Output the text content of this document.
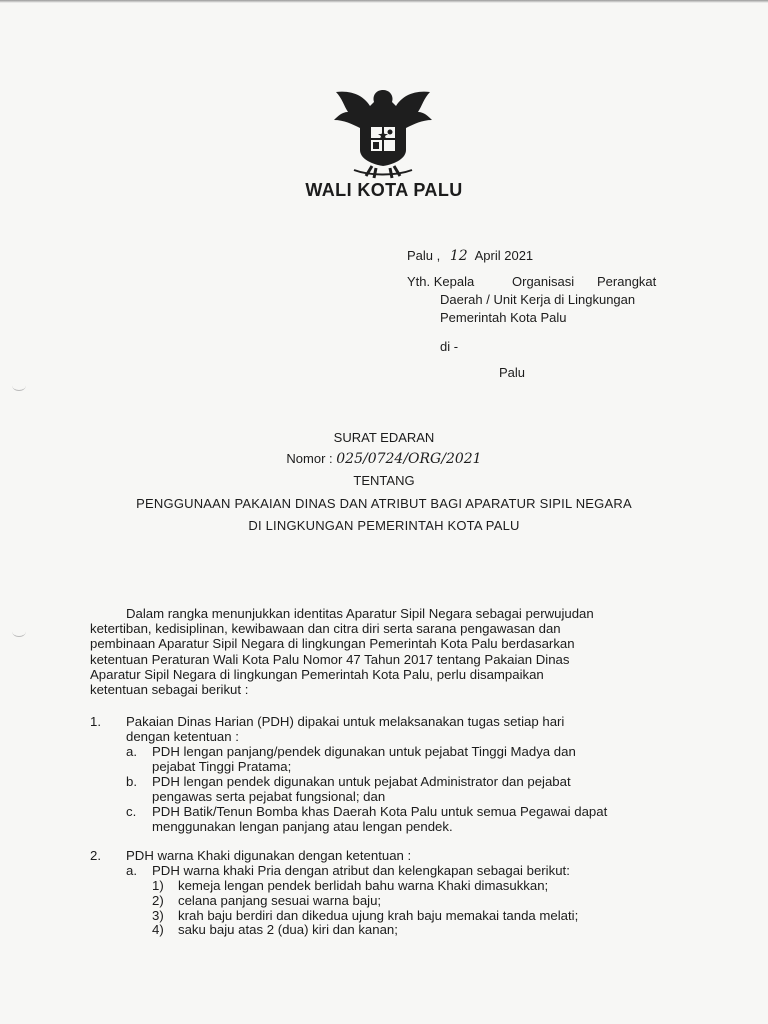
WALI KOTA PALU
Palu , 12 April 2021
Yth. Kepala	Organisasi Perangkat
Daerah / Unit Kerja di Lingkungan
Pemerintah Kota Palu
di -
Palu
SURAT EDARAN
Nomor : 025/0724/ORG/2021
TENTANG
PENGGUNAAN PAKAIAN DINAS DAN ATRIBUT BAGI APARATUR SIPIL NEGARA
DI LINGKUNGAN PEMERINTAH KOTA PALU

Dalam rangka menunjukkan identitas Aparatur Sipil Negara sebagai perwujudan

ketertiban, kedisiplinan, kewibawaan dan citra diri serta sarana pengawasan dan

pembinaan Aparatur Sipil Negara di lingkungan Pemerintah Kota Palu berdasarkan

ketentuan Peraturan Wali Kota Palu Nomor 47 Tahun 2017 tentang Pakaian Dinas

Aparatur Sipil Negara di lingkungan Pemerintah Kota Palu, perlu disampaikan

ketentuan sebagai berikut :

1. Pakaian Dinas Harian (PDH) dipakai untuk melaksanakan tugas setiap hari
dengan ketentuan :
a. PDH lengan panjang/pendek digunakan untuk pejabat Tinggi Madya dan
pejabat Tinggi Pratama;
b. PDH lengan pendek digunakan untuk pejabat Administrator dan pejabat
pengawas serta pejabat fungsional; dan
c. PDH Batik/Tenun Bomba khas Daerah Kota Palu untuk semua Pegawai dapat
menggunakan lengan panjang atau lengan pendek.
2. PDH warna Khaki digunakan dengan ketentuan :
a. PDH warna khaki Pria dengan atribut dan kelengkapan sebagai berikut:
1) kemeja lengan pendek berlidah bahu warna Khaki dimasukkan;
2) celana panjang sesuai warna baju;
3) krah baju berdiri dan dikedua ujung krah baju memakai tanda melati;
4) saku baju atas 2 (dua) kiri dan kanan;
